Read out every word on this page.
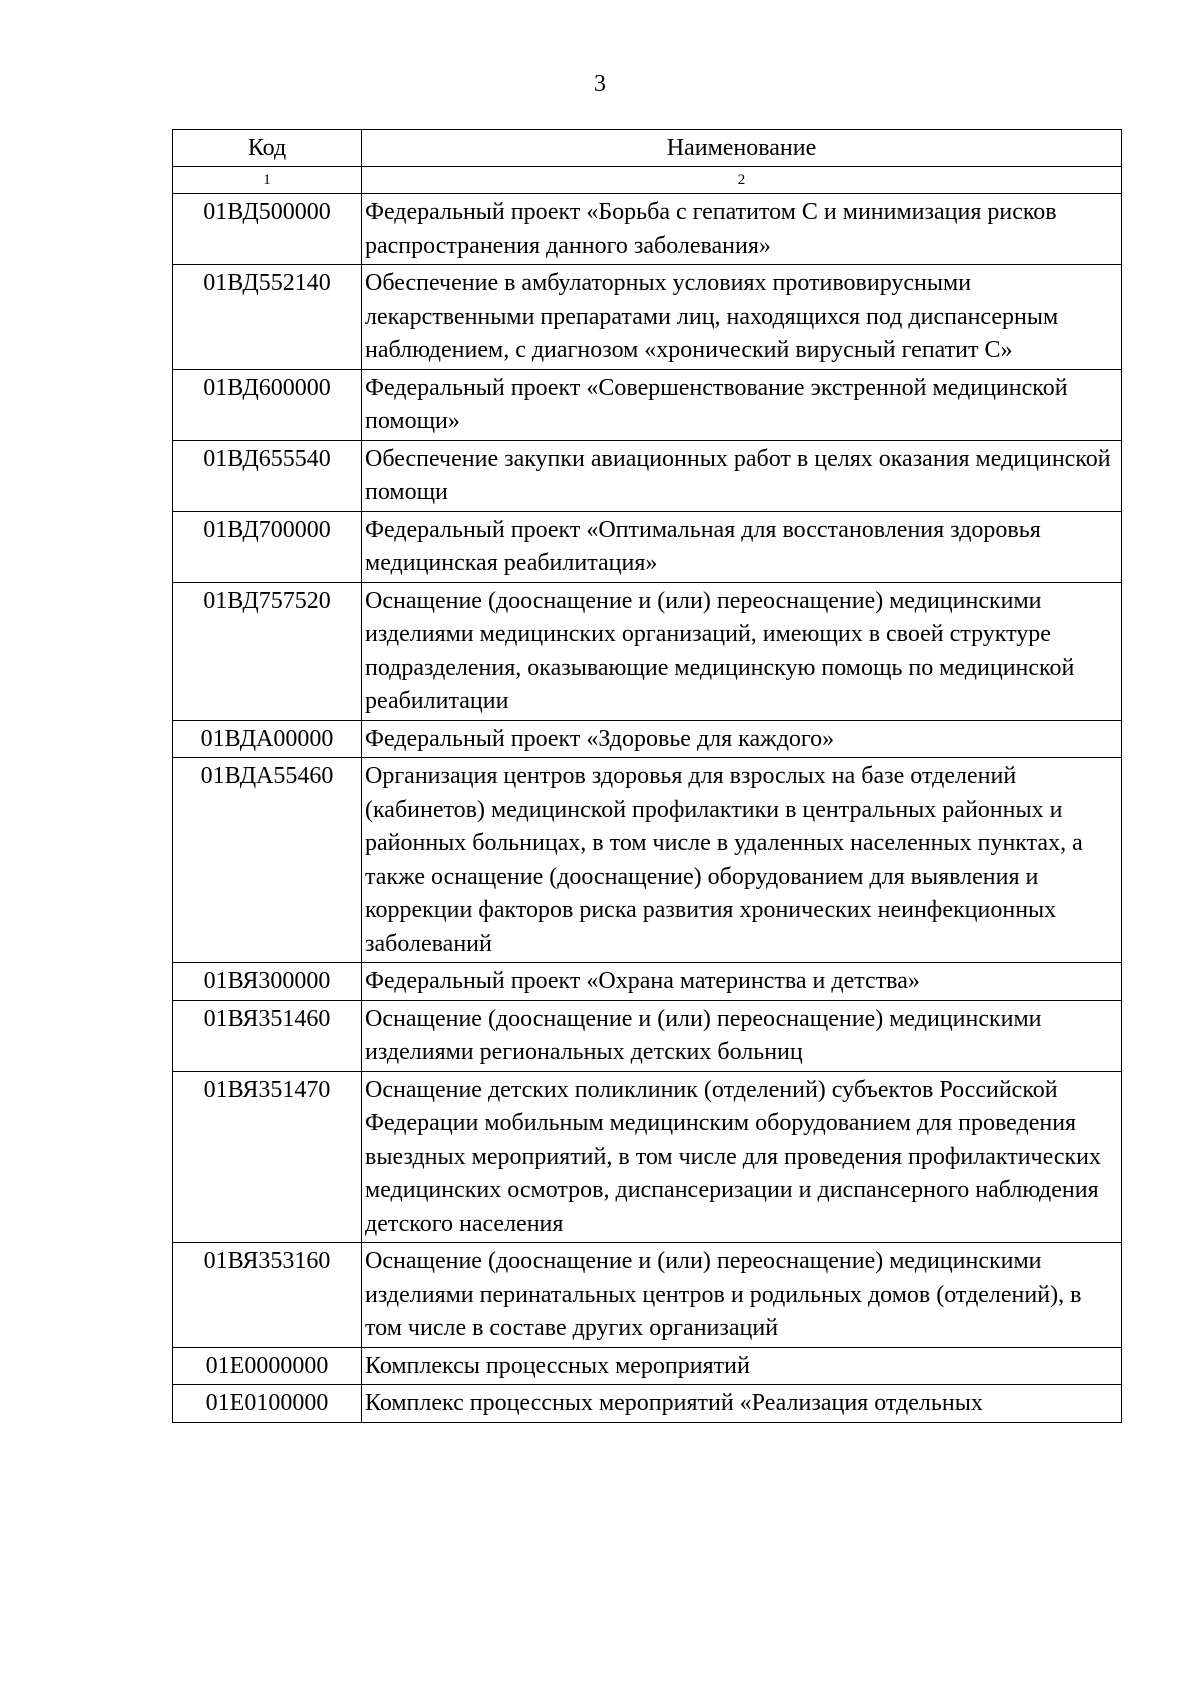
3
Код	Наименование
1	2
01ВД500000	Федеральный проект «Борьба с гепатитом С и минимизация рисков распространения данного заболевания»
01ВД552140	Обеспечение в амбулаторных условиях противовирусными лекарственными препаратами лиц, находящихся под диспансерным наблюдением, с диагнозом «хронический вирусный гепатит С»
01ВД600000	Федеральный проект «Совершенствование экстренной медицинской помощи»
01ВД655540	Обеспечение закупки авиационных работ в целях оказания медицинской помощи
01ВД700000	Федеральный проект «Оптимальная для восстановления здоровья медицинская реабилитация»
01ВД757520	Оснащение (дооснащение и (или) переоснащение) медицинскими изделиями медицинских организаций, имеющих в своей структуре подразделения, оказывающие медицинскую помощь по медицинской реабилитации
01ВДА00000	Федеральный проект «Здоровье для каждого»
01ВДА55460	Организация центров здоровья для взрослых на базе отделений (кабинетов) медицинской профилактики в центральных районных и районных больницах, в том числе в удаленных населенных пунктах, а также оснащение (дооснащение) оборудованием для выявления и коррекции факторов риска развития хронических неинфекционных заболеваний
01ВЯ300000	Федеральный проект «Охрана материнства и детства»
01ВЯ351460	Оснащение (дооснащение и (или) переоснащение) медицинскими изделиями региональных детских больниц
01ВЯ351470	Оснащение детских поликлиник (отделений) субъектов Российской Федерации мобильным медицинским оборудованием для проведения выездных мероприятий, в том числе для проведения профилактических медицинских осмотров, диспансеризации и диспансерного наблюдения детского населения
01ВЯ353160	Оснащение (дооснащение и (или) переоснащение) медицинскими изделиями перинатальных центров и родильных домов (отделений), в том числе в составе других организаций
01Е0000000	Комплексы процессных мероприятий
01Е0100000	Комплекс процессных мероприятий «Реализация отдельных
